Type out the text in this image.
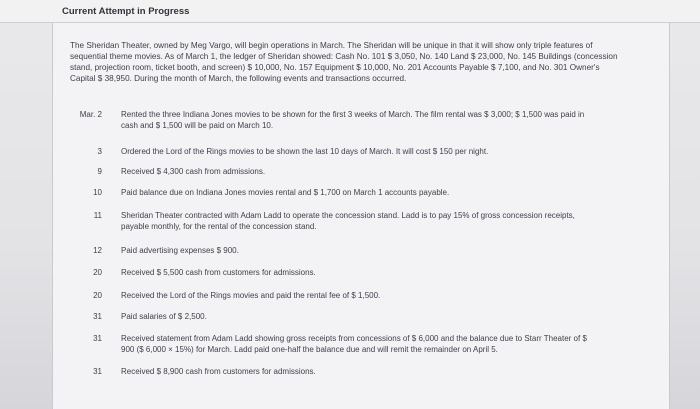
Current Attempt in Progress
The Sheridan Theater, owned by Meg Vargo, will begin operations in March. The Sheridan will be unique in that it will show only triple features of sequential theme movies. As of March 1, the ledger of Sheridan showed: Cash No. 101 $ 3,050, No. 140 Land $ 23,000, No. 145 Buildings (concession stand, projection room, ticket booth, and screen) $ 10,000, No. 157 Equipment $ 10,000, No. 201 Accounts Payable $ 7,100, and No. 301 Owner's Capital $ 38,950. During the month of March, the following events and transactions occurred.
Mar. 2 Rented the three Indiana Jones movies to be shown for the first 3 weeks of March. The film rental was $ 3,000; $ 1,500 was paid in cash and $ 1,500 will be paid on March 10.
3 Ordered the Lord of the Rings movies to be shown the last 10 days of March. It will cost $ 150 per night.
9 Received $ 4,300 cash from admissions.
10 Paid balance due on Indiana Jones movies rental and $ 1,700 on March 1 accounts payable.
11 Sheridan Theater contracted with Adam Ladd to operate the concession stand. Ladd is to pay 15% of gross concession receipts, payable monthly, for the rental of the concession stand.
12 Paid advertising expenses $ 900.
20 Received $ 5,500 cash from customers for admissions.
20 Received the Lord of the Rings movies and paid the rental fee of $ 1,500.
31 Paid salaries of $ 2,500.
31 Received statement from Adam Ladd showing gross receipts from concessions of $ 6,000 and the balance due to Starr Theater of $ 900 ($ 6,000 × 15%) for March. Ladd paid one-half the balance due and will remit the remainder on April 5.
31 Received $ 8,900 cash from customers for admissions.
